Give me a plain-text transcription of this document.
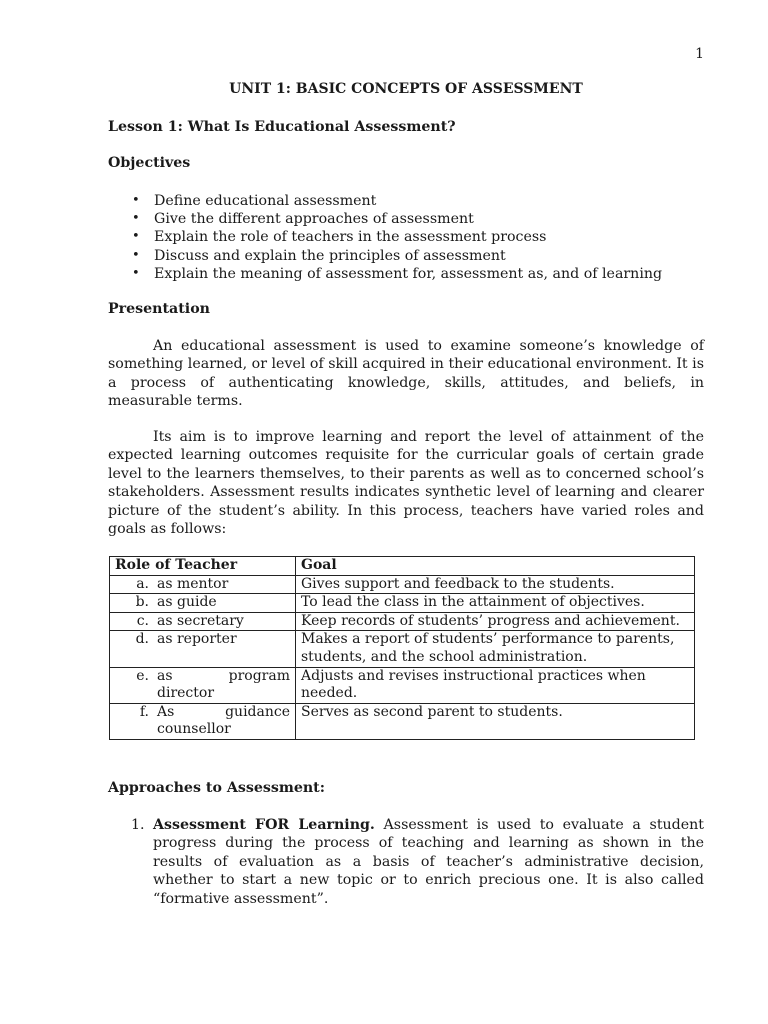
1
UNIT 1: BASIC CONCEPTS OF ASSESSMENT
Lesson 1: What Is Educational Assessment?
Objectives
• Define educational assessment
• Give the different approaches of assessment
• Explain the role of teachers in the assessment process
• Discuss and explain the principles of assessment
• Explain the meaning of assessment for, assessment as, and of learning
Presentation

An educational assessment is used to examine someone’s knowledge of something learned, or level of skill acquired in their educational environment. It is a process of authenticating knowledge, skills, attitudes, and beliefs, in measurable terms.

Its aim is to improve learning and report the level of attainment of the expected learning outcomes requisite for the curricular goals of certain grade level to the learners themselves, to their parents as well as to concerned school’s stakeholders. Assessment results indicates synthetic level of learning and clearer picture of the student’s ability. In this process, teachers have varied roles and goals as follows:

Role of Teacher	Goal

a. as mentor	Gives support and feedback to the students.

b. as guide	To lead the class in the attainment of objectives.

c. as secretary	Keep records of students’ progress and achievement.

d. as reporter	Makes a report of students’ performance to parents, students, and the school administration.

e. as program director	Adjusts and revises instructional practices when needed.

f. As guidance counsellor	Serves as second parent to students.
Approaches to Assessment:
1. Assessment FOR Learning. Assessment is used to evaluate a student progress during the process of teaching and learning as shown in the results of evaluation as a basis of teacher’s administrative decision, whether to start a new topic or to enrich precious one. It is also called “formative assessment”.
